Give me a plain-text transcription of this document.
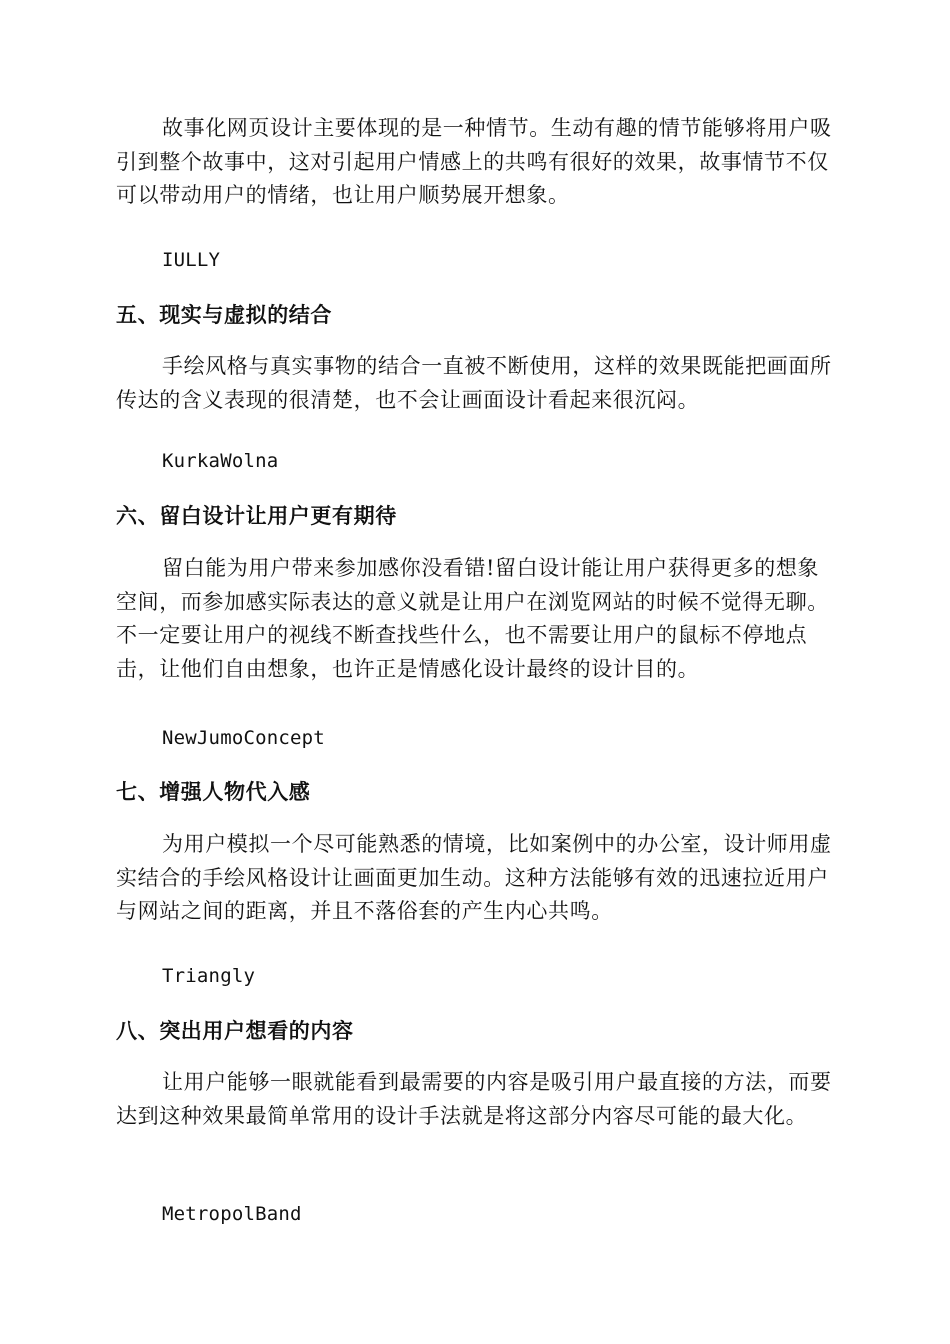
故事化网页设计主要体现的是一种情节。生动有趣的情节能够将用户吸引到整个故事中，这对引起用户情感上的共鸣有很好的效果，故事情节不仅可以带动用户的情绪，也让用户顺势展开想象。

IULLY

五、现实与虚拟的结合

手绘风格与真实事物的结合一直被不断使用，这样的效果既能把画面所传达的含义表现的很清楚，也不会让画面设计看起来很沉闷。

KurkaWolna

六、留白设计让用户更有期待

留白能为用户带来参加感你没看错!留白设计能让用户获得更多的想象空间，而参加感实际表达的意义就是让用户在浏览网站的时候不觉得无聊。不一定要让用户的视线不断查找些什么，也不需要让用户的鼠标不停地点击，让他们自由想象，也许正是情感化设计最终的设计目的。

NewJumoConcept

七、增强人物代入感

为用户模拟一个尽可能熟悉的情境，比如案例中的办公室，设计师用虚实结合的手绘风格设计让画面更加生动。这种方法能够有效的迅速拉近用户与网站之间的距离，并且不落俗套的产生内心共鸣。

Triangly

八、突出用户想看的内容

让用户能够一眼就能看到最需要的内容是吸引用户最直接的方法，而要达到这种效果最简单常用的设计手法就是将这部分内容尽可能的最大化。

MetropolBand
